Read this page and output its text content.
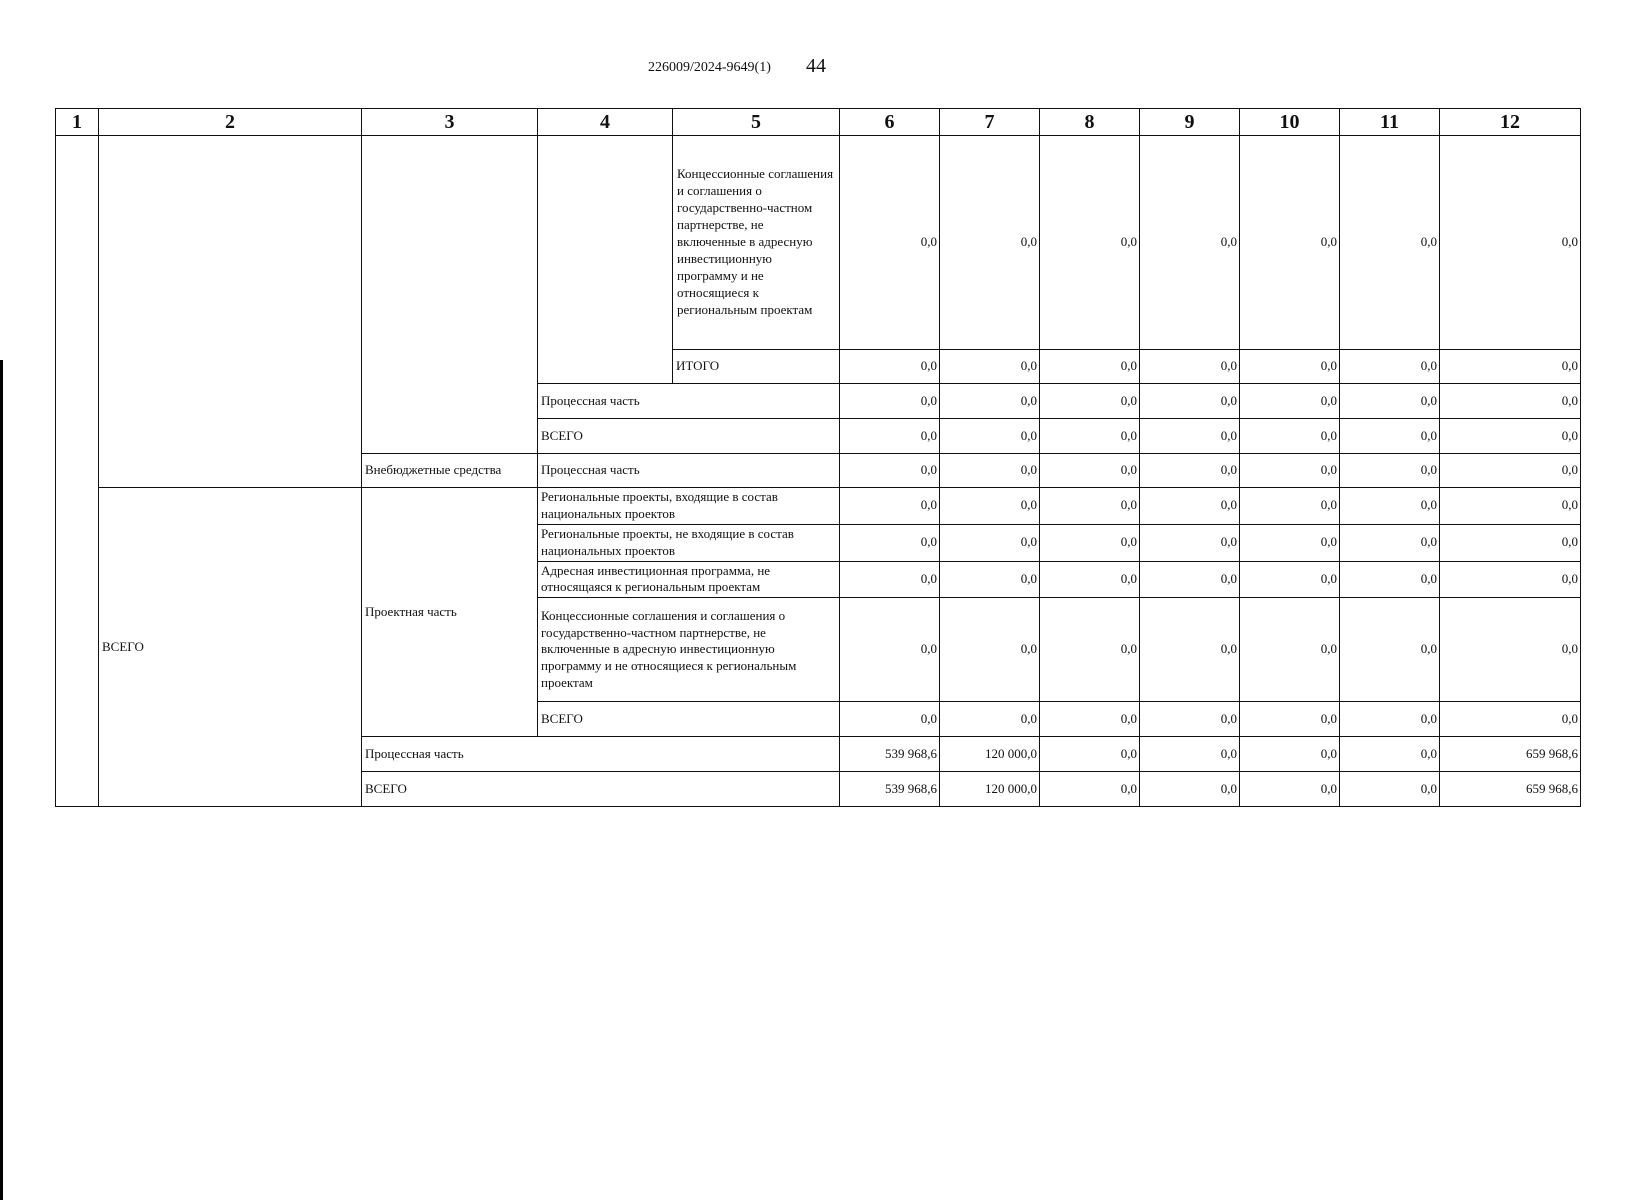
226009/2024-9649(1) 44
1	2	3	4	5	6	7	8	9	10	11	12
				Концессионные соглашения и соглашения о государственно-частном партнерстве, не включенные в адресную инвестиционную программу и не относящиеся к региональным проектам	0,0	0,0	0,0	0,0	0,0	0,0	0,0
				ИТОГО	0,0	0,0	0,0	0,0	0,0	0,0	0,0
			Процессная часть		0,0	0,0	0,0	0,0	0,0	0,0	0,0
			ВСЕГО		0,0	0,0	0,0	0,0	0,0	0,0	0,0
		Внебюджетные средства	Процессная часть		0,0	0,0	0,0	0,0	0,0	0,0	0,0
	ВСЕГО	Проектная часть	Региональные проекты, входящие в состав национальных проектов		0,0	0,0	0,0	0,0	0,0	0,0	0,0
			Региональные проекты, не входящие в состав национальных проектов		0,0	0,0	0,0	0,0	0,0	0,0	0,0
			Адресная инвестиционная программа, не относящаяся к региональным проектам		0,0	0,0	0,0	0,0	0,0	0,0	0,0
			Концессионные соглашения и соглашения о государственно-частном партнерстве, не включенные в адресную инвестиционную программу и не относящиеся к региональным проектам		0,0	0,0	0,0	0,0	0,0	0,0	0,0
			ВСЕГО		0,0	0,0	0,0	0,0	0,0	0,0	0,0
		Процессная часть			539 968,6	120 000,0	0,0	0,0	0,0	0,0	659 968,6
		ВСЕГО			539 968,6	120 000,0	0,0	0,0	0,0	0,0	659 968,6
